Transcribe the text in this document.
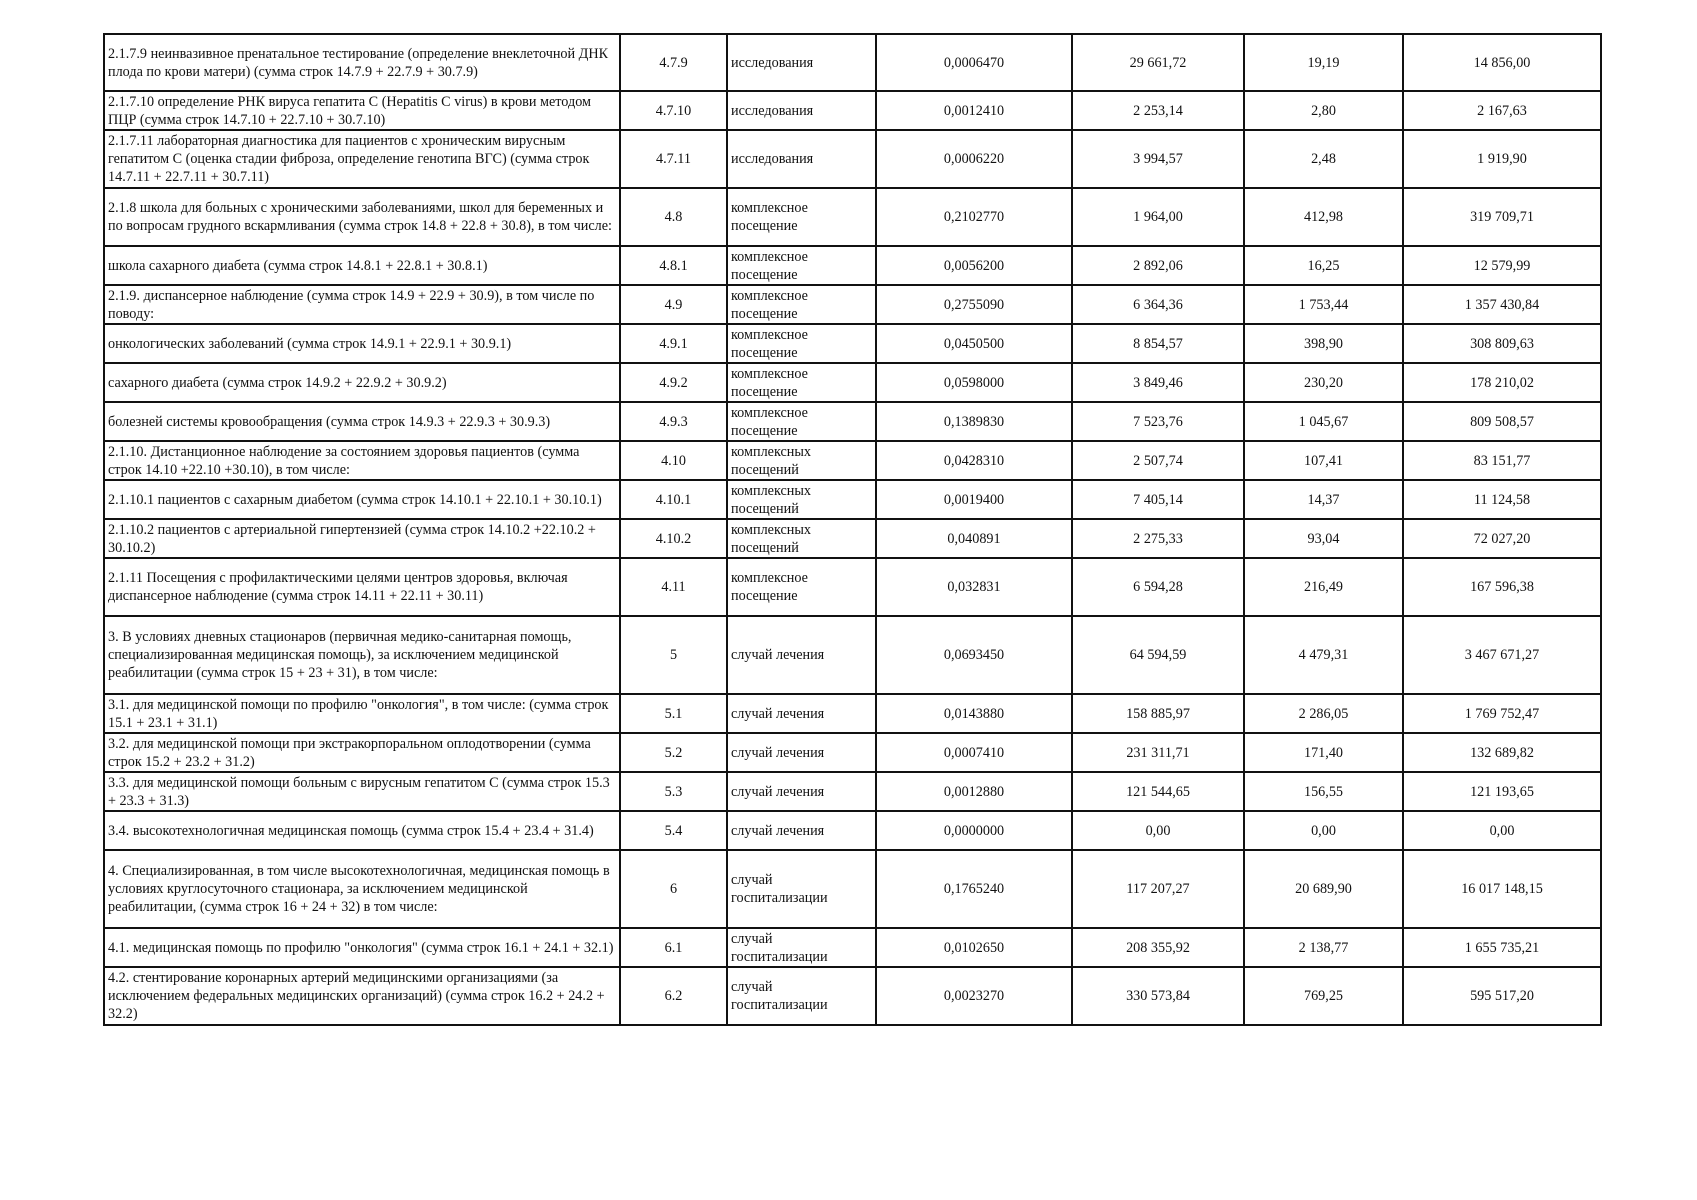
2.1.7.9 неинвазивное пренатальное тестирование (определение внеклеточной ДНК плода по крови матери) (сумма строк 14.7.9 + 22.7.9 + 30.7.9)	4.7.9	исследования	0,0006470	29 661,72	19,19	14 856,00
2.1.7.10 определение РНК вируса гепатита С (Hepatitis C virus) в крови методом ПЦР (сумма строк 14.7.10 + 22.7.10 + 30.7.10)	4.7.10	исследования	0,0012410	2 253,14	2,80	2 167,63
2.1.7.11 лабораторная диагностика для пациентов с хроническим вирусным гепатитом С (оценка стадии фиброза, определение генотипа ВГС) (сумма строк 14.7.11 + 22.7.11 + 30.7.11)	4.7.11	исследования	0,0006220	3 994,57	2,48	1 919,90
2.1.8 школа для больных с хроническими заболеваниями, школ для беременных и по вопросам грудного вскармливания (сумма строк 14.8 + 22.8 + 30.8), в том числе:	4.8	комплексное посещение	0,2102770	1 964,00	412,98	319 709,71
школа сахарного диабета (сумма строк 14.8.1 + 22.8.1 + 30.8.1)	4.8.1	комплексное посещение	0,0056200	2 892,06	16,25	12 579,99
2.1.9. диспансерное наблюдение (сумма строк 14.9 + 22.9 + 30.9), в том числе по поводу:	4.9	комплексное посещение	0,2755090	6 364,36	1 753,44	1 357 430,84
онкологических заболеваний (сумма строк 14.9.1 + 22.9.1 + 30.9.1)	4.9.1	комплексное посещение	0,0450500	8 854,57	398,90	308 809,63
сахарного диабета (сумма строк 14.9.2 + 22.9.2 + 30.9.2)	4.9.2	комплексное посещение	0,0598000	3 849,46	230,20	178 210,02
болезней системы кровообращения (сумма строк 14.9.3 + 22.9.3 + 30.9.3)	4.9.3	комплексное посещение	0,1389830	7 523,76	1 045,67	809 508,57
2.1.10. Дистанционное наблюдение за состоянием здоровья пациентов (сумма строк 14.10 +22.10 +30.10), в том числе:	4.10	комплексных посещений	0,0428310	2 507,74	107,41	83 151,77
2.1.10.1 пациентов с сахарным диабетом (сумма строк 14.10.1 + 22.10.1 + 30.10.1)	4.10.1	комплексных посещений	0,0019400	7 405,14	14,37	11 124,58
2.1.10.2 пациентов с артериальной гипертензией (сумма строк 14.10.2 +22.10.2 + 30.10.2)	4.10.2	комплексных посещений	0,040891	2 275,33	93,04	72 027,20
2.1.11 Посещения с профилактическими целями центров здоровья, включая диспансерное наблюдение (сумма строк 14.11 + 22.11 + 30.11)	4.11	комплексное посещение	0,032831	6 594,28	216,49	167 596,38
3. В условиях дневных стационаров (первичная медико-санитарная помощь, специализированная медицинская помощь), за исключением медицинской реабилитации (сумма строк 15 + 23 + 31), в том числе:	5	случай лечения	0,0693450	64 594,59	4 479,31	3 467 671,27
3.1. для медицинской помощи по профилю "онкология", в том числе: (сумма строк 15.1 + 23.1 + 31.1)	5.1	случай лечения	0,0143880	158 885,97	2 286,05	1 769 752,47
3.2. для медицинской помощи при экстракорпоральном оплодотворении (сумма строк 15.2 + 23.2 + 31.2)	5.2	случай лечения	0,0007410	231 311,71	171,40	132 689,82
3.3. для медицинской помощи больным с вирусным гепатитом С (сумма строк 15.3 + 23.3 + 31.3)	5.3	случай лечения	0,0012880	121 544,65	156,55	121 193,65
3.4. высокотехнологичная медицинская помощь (сумма строк 15.4 + 23.4 + 31.4)	5.4	случай лечения	0,0000000	0,00	0,00	0,00
4. Специализированная, в том числе высокотехнологичная, медицинская помощь в условиях круглосуточного стационара, за исключением медицинской реабилитации, (сумма строк 16 + 24 + 32) в том числе:	6	случай госпитализации	0,1765240	117 207,27	20 689,90	16 017 148,15
4.1. медицинская помощь по профилю "онкология" (сумма строк 16.1 + 24.1 + 32.1)	6.1	случай госпитализации	0,0102650	208 355,92	2 138,77	1 655 735,21
4.2. стентирование коронарных артерий медицинскими организациями (за исключением федеральных медицинских организаций) (сумма строк 16.2 + 24.2 + 32.2)	6.2	случай госпитализации	0,0023270	330 573,84	769,25	595 517,20
